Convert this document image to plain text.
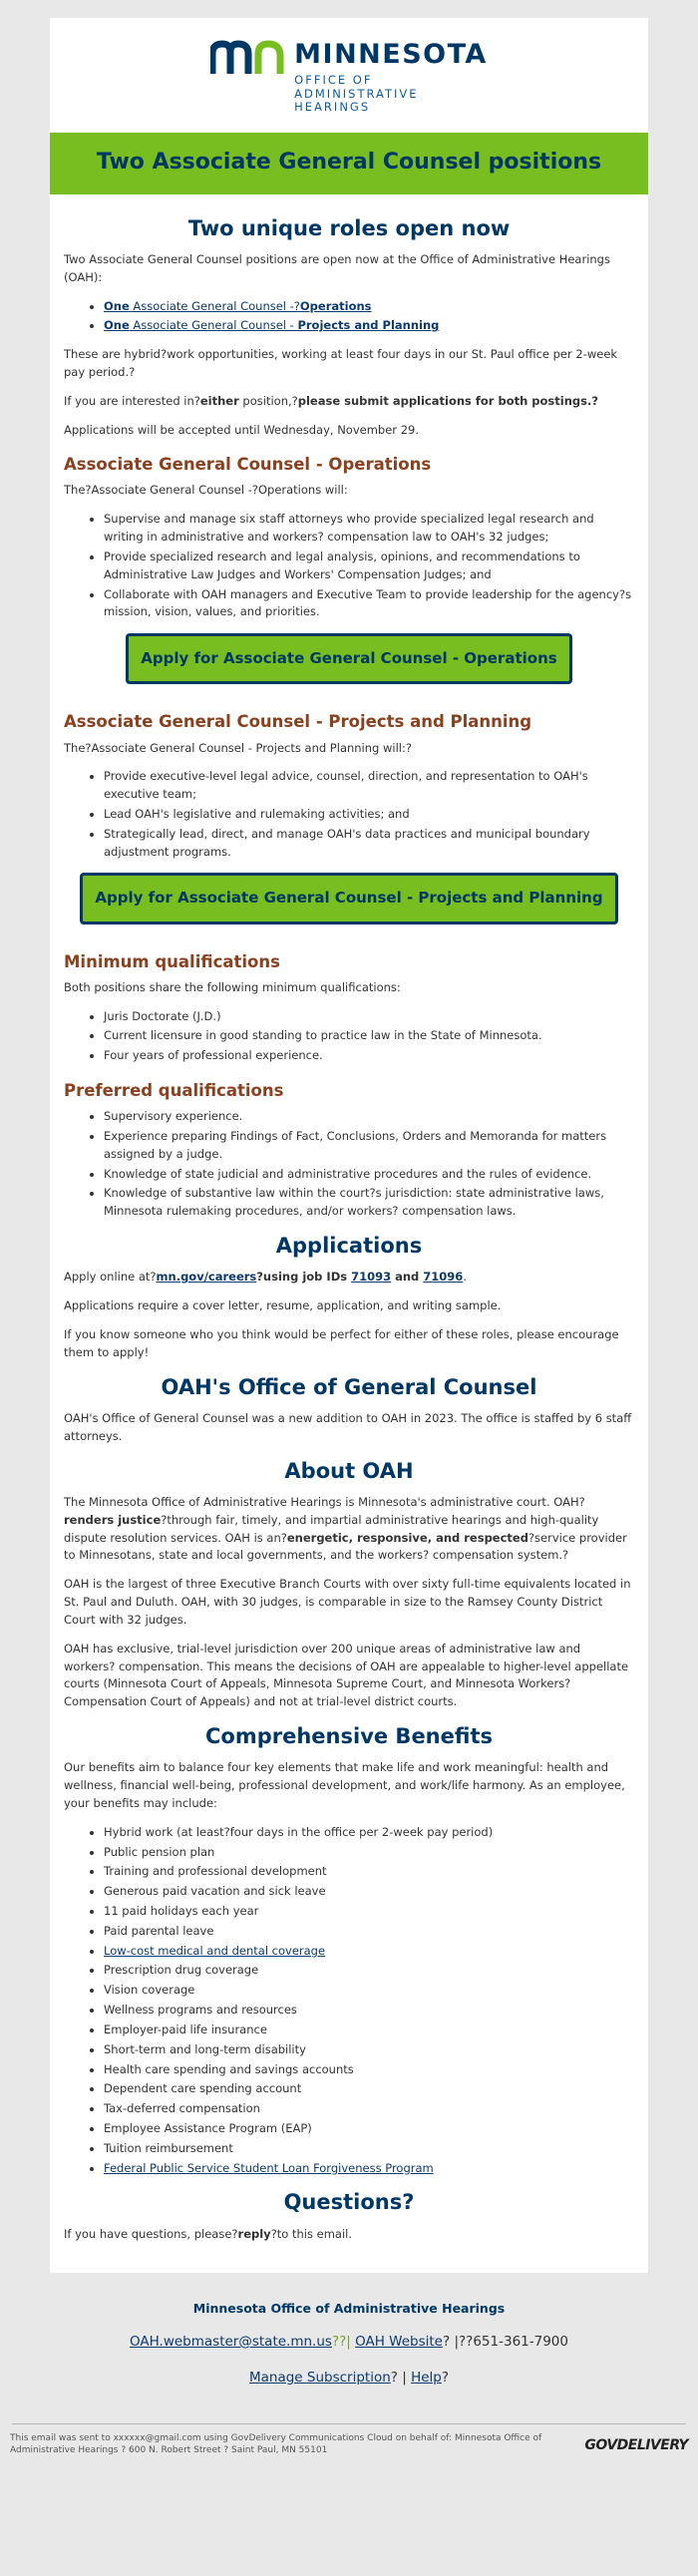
MINNESOTA
OFFICE OF
ADMINISTRATIVE
HEARINGS
Two Associate General Counsel positions
Two unique roles open now

Two Associate General Counsel positions are open now at the Office of Administrative Hearings (OAH):

• One Associate General Counsel -?Operations
• One Associate General Counsel - Projects and Planning

These are hybrid?work opportunities, working at least four days in our St. Paul office per 2-week pay period.?

If you are interested in?either position,?please submit applications for both postings.?

Applications will be accepted until Wednesday, November 29.

Associate General Counsel - Operations

The?Associate General Counsel -?Operations will:

• Supervise and manage six staff attorneys who provide specialized legal research and writing in administrative and workers? compensation law to OAH's 32 judges;
• Provide specialized research and legal analysis, opinions, and recommendations to Administrative Law Judges and Workers' Compensation Judges; and
• Collaborate with OAH managers and Executive Team to provide leadership for the agency?s mission, vision, values, and priorities.
Apply for Associate General Counsel - Operations
Associate General Counsel - Projects and Planning

The?Associate General Counsel - Projects and Planning will:?

• Provide executive-level legal advice, counsel, direction, and representation to OAH's executive team;
• Lead OAH's legislative and rulemaking activities; and
• Strategically lead, direct, and manage OAH's data practices and municipal boundary adjustment programs.
Apply for Associate General Counsel - Projects and Planning
Minimum qualifications

Both positions share the following minimum qualifications:

• Juris Doctorate (J.D.)
• Current licensure in good standing to practice law in the State of Minnesota.
• Four years of professional experience.
Preferred qualifications
• Supervisory experience.
• Experience preparing Findings of Fact, Conclusions, Orders and Memoranda for matters assigned by a judge.
• Knowledge of state judicial and administrative procedures and the rules of evidence.
• Knowledge of substantive law within the court?s jurisdiction: state administrative laws, Minnesota rulemaking procedures, and/or workers? compensation laws.
Applications

Apply online at?mn.gov/careers?using job IDs 71093 and 71096.

Applications require a cover letter, resume, application, and writing sample.

If you know someone who you think would be perfect for either of these roles, please encourage them to apply!

OAH's Office of General Counsel

OAH's Office of General Counsel was a new addition to OAH in 2023. The office is staffed by 6 staff attorneys.

About OAH

The Minnesota Office of Administrative Hearings is Minnesota's administrative court. OAH?renders justice?through fair, timely, and impartial administrative hearings and high-quality dispute resolution services. OAH is an?energetic, responsive, and respected?service provider to Minnesotans, state and local governments, and the workers? compensation system.?

OAH is the largest of three Executive Branch Courts with over sixty full-time equivalents located in St. Paul and Duluth. OAH, with 30 judges, is comparable in size to the Ramsey County District Court with 32 judges.

OAH has exclusive, trial-level jurisdiction over 200 unique areas of administrative law and workers? compensation. This means the decisions of OAH are appealable to higher-level appellate courts (Minnesota Court of Appeals, Minnesota Supreme Court, and Minnesota Workers? Compensation Court of Appeals) and not at trial-level district courts.

Comprehensive Benefits

Our benefits aim to balance four key elements that make life and work meaningful: health and wellness, financial well-being, professional development, and work/life harmony. As an employee, your benefits may include:

• Hybrid work (at least?four days in the office per 2-week pay period)
• Public pension plan
• Training and professional development
• Generous paid vacation and sick leave
• 11 paid holidays each year
• Paid parental leave
• Low-cost medical and dental coverage
• Prescription drug coverage
• Vision coverage
• Wellness programs and resources
• Employer-paid life insurance
• Short-term and long-term disability
• Health care spending and savings accounts
• Dependent care spending account
• Tax-deferred compensation
• Employee Assistance Program (EAP)
• Tuition reimbursement
• Federal Public Service Student Loan Forgiveness Program
Questions?

If you have questions, please?reply?to this email.

Minnesota Office of Administrative Hearings
OAH.webmaster@state.mn.us??| OAH Website? |??651-361-7900
Manage Subscription? | Help?
This email was sent to xxxxxx@gmail.com using GovDelivery Communications Cloud on behalf of: Minnesota Office of Administrative Hearings ? 600 N. Robert Street ? Saint Paul, MN 55101	GOVDELIVERY
